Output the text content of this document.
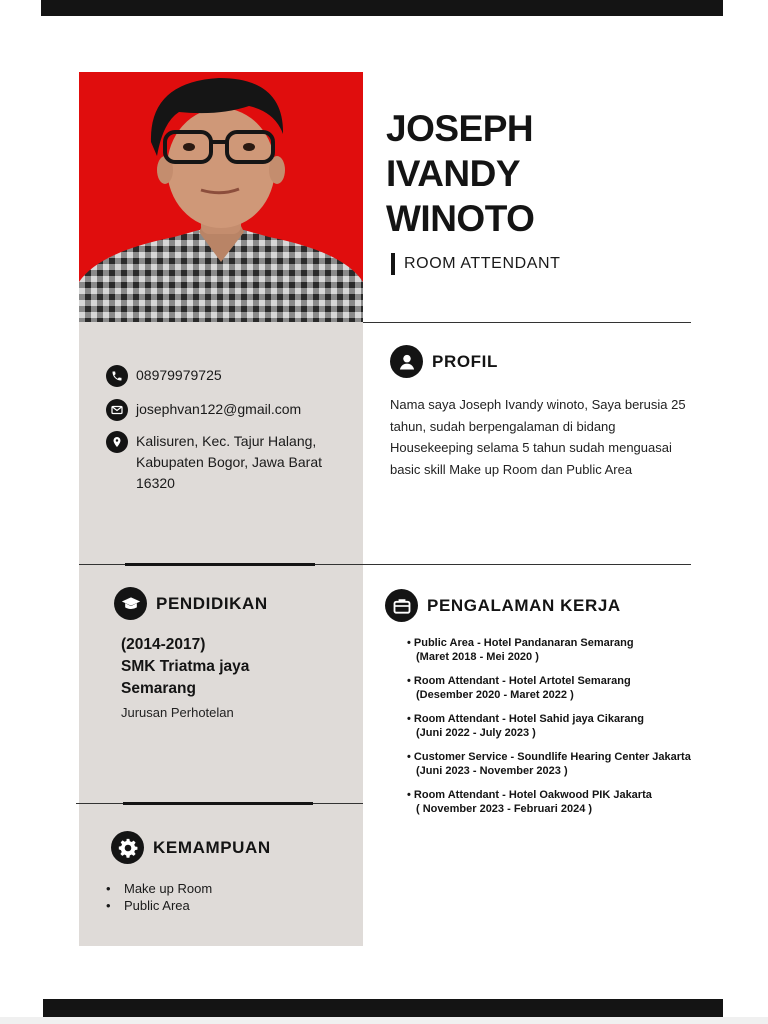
JOSEPH
IVANDY
WINOTO
ROOM ATTENDANT
08979979725
josephvan122@gmail.com
Kalisuren, Kec. Tajur Halang,
Kabupaten Bogor, Jawa Barat
16320
PROFIL

Nama saya Joseph Ivandy winoto, Saya berusia 25 tahun, sudah berpengalaman di bidang Housekeeping selama 5 tahun sudah menguasai basic skill Make up Room dan Public Area

PENDIDIKAN
(2014-2017)
SMK Triatma jaya
Semarang
Jurusan Perhotelan
PENGALAMAN KERJA
• Public Area - Hotel Pandanaran Semarang
(Maret 2018 - Mei 2020 )
• Room Attendant - Hotel Artotel Semarang
(Desember 2020 - Maret 2022 )
• Room Attendant - Hotel Sahid jaya Cikarang
(Juni 2022 - July 2023 )
• Customer Service - Soundlife Hearing Center Jakarta
(Juni 2023 - November 2023 )
• Room Attendant - Hotel Oakwood PIK Jakarta
( November 2023 - Februari 2024 )
KEMAMPUAN
• Make up Room
• Public Area
